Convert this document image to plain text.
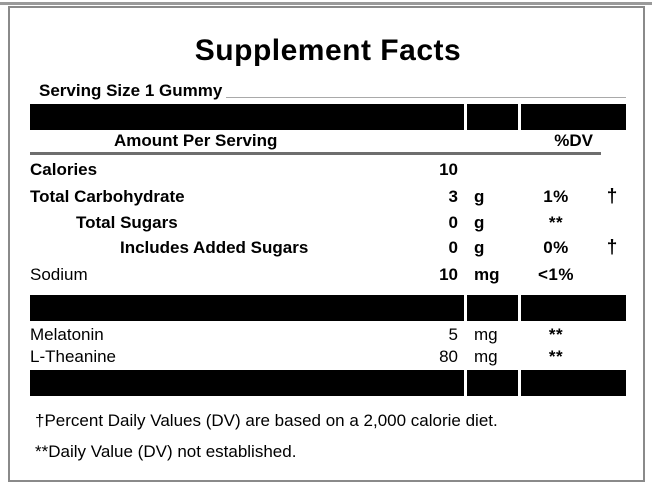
Supplement Facts
Serving Size 1 Gummy
Amount Per Serving	%DV
Calories	10
Total Carbohydrate	3 g	1%	†
Total Sugars	0 g	**
Includes Added Sugars	0 g	0%	†
Sodium	10 mg	<1%
Melatonin	5 mg	**
L-Theanine	80 mg	**
†Percent Daily Values (DV) are based on a 2,000 calorie diet.
**Daily Value (DV) not established.
